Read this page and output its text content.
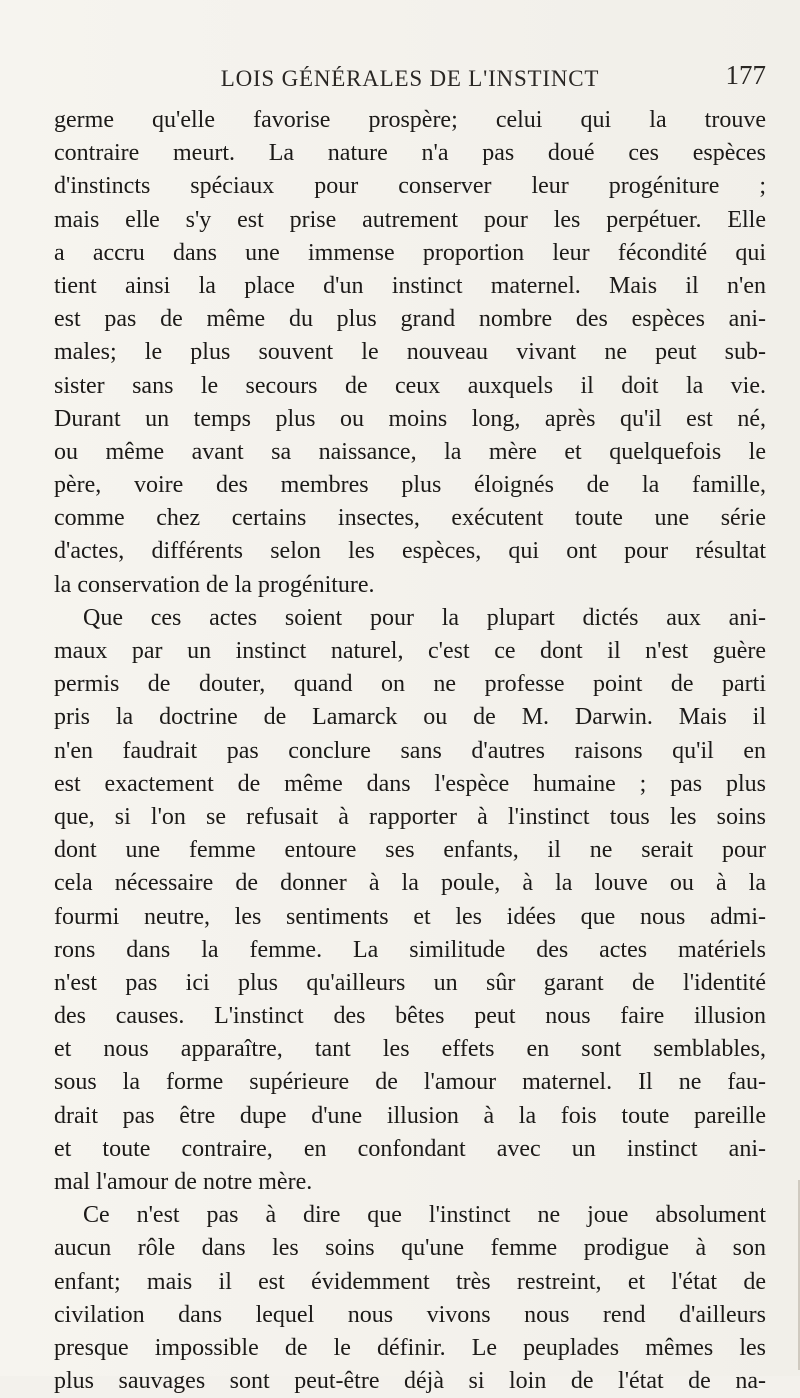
LOIS GÉNÉRALES DE L'INSTINCT	177
germe qu'elle favorise prospère; celui qui la trouve
contraire meurt. La nature n'a pas doué ces espèces
d'instincts spéciaux pour conserver leur progéniture ;
mais elle s'y est prise autrement pour les perpétuer. Elle
a accru dans une immense proportion leur fécondité qui
tient ainsi la place d'un instinct maternel. Mais il n'en
est pas de même du plus grand nombre des espèces ani-
males; le plus souvent le nouveau vivant ne peut sub-
sister sans le secours de ceux auxquels il doit la vie.
Durant un temps plus ou moins long, après qu'il est né,
ou même avant sa naissance, la mère et quelquefois le
père, voire des membres plus éloignés de la famille,
comme chez certains insectes, exécutent toute une série
d'actes, différents selon les espèces, qui ont pour résultat
la conservation de la progéniture.
Que ces actes soient pour la plupart dictés aux ani-
maux par un instinct naturel, c'est ce dont il n'est guère
permis de douter, quand on ne professe point de parti
pris la doctrine de Lamarck ou de M. Darwin. Mais il
n'en faudrait pas conclure sans d'autres raisons qu'il en
est exactement de même dans l'espèce humaine ; pas plus
que, si l'on se refusait à rapporter à l'instinct tous les soins
dont une femme entoure ses enfants, il ne serait pour
cela nécessaire de donner à la poule, à la louve ou à la
fourmi neutre, les sentiments et les idées que nous admi-
rons dans la femme. La similitude des actes matériels
n'est pas ici plus qu'ailleurs un sûr garant de l'identité
des causes. L'instinct des bêtes peut nous faire illusion
et nous apparaître, tant les effets en sont semblables,
sous la forme supérieure de l'amour maternel. Il ne fau-
drait pas être dupe d'une illusion à la fois toute pareille
et toute contraire, en confondant avec un instinct ani-
mal l'amour de notre mère.
Ce n'est pas à dire que l'instinct ne joue absolument
aucun rôle dans les soins qu'une femme prodigue à son
enfant; mais il est évidemment très restreint, et l'état de
civilation dans lequel nous vivons nous rend d'ailleurs
presque impossible de le définir. Le peuplades mêmes les
plus sauvages sont peut-être déjà si loin de l'état de na-
